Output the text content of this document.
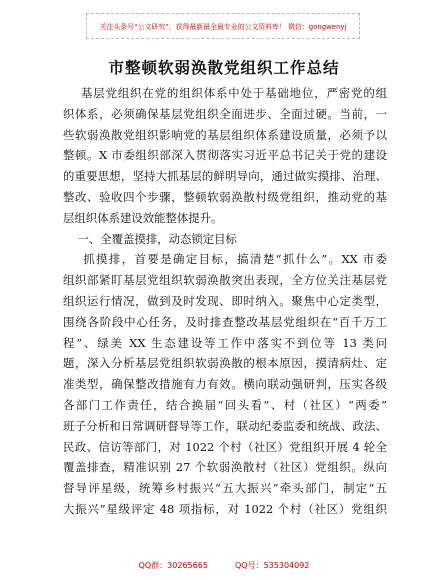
关注头条号“公文研究”，获得最新最全最专业的公文资料库！ 微信：gongwenyj
市整顿软弱涣散党组织工作总结
基层党组织在党的组织体系中处于基础地位，严密党的组
织体系，必须确保基层党组织全面进步、全面过硬。当前，一
些软弱涣散党组织影响党的基层组织体系建设质量，必须予以
整顿。X 市委组织部深入贯彻落实习近平总书记关于党的建设
的重要思想，坚持大抓基层的鲜明导向，通过做实摸排、治理、
整改、验收四个步骤，整顿软弱涣散村级党组织，推动党的基
层组织体系建设效能整体提升。
一、全覆盖摸排，动态锁定目标
抓摸排，首要是确定目标，搞清楚“抓什么”。XX 市委
组织部紧盯基层党组织软弱涣散突出表现，全方位关注基层党
组织运行情况，做到及时发现、即时纳入。聚焦中心定类型，
围绕各阶段中心任务，及时排查整改基层党组织在“百千万工
程”、绿美 XX 生态建设等工作中落实不到位等 13 类问
题，深入分析基层党组织软弱涣散的根本原因，摸清病灶、定
准类型，确保整改措施有力有效。横向联动强研判，压实各级
各部门工作责任，结合换届“回头看”、村（社区）“两委”
班子分析和日常调研督导等工作，联动纪委监委和统战、政法、
民政、信访等部门，对 1022 个村（社区）党组织开展 4 轮全
覆盖排查，精准识别 27 个软弱涣散村（社区）党组织。纵向
督导评星级，统筹乡村振兴“五大振兴”牵头部门，制定“五
大振兴”星级评定 48 项指标，对 1022 个村（社区）党组织
QQ群：30265665	QQ号：535304092
